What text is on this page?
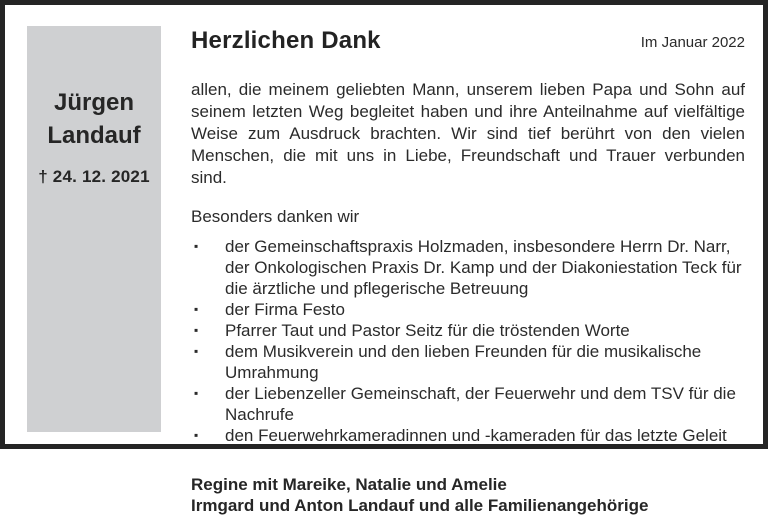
Jürgen
Landauf
† 24. 12. 2021
Herzlichen Dank	Im Januar 2022

allen, die meinem geliebten Mann, unserem lieben Papa und Sohn auf seinem letzten Weg begleitet haben und ihre Anteilnahme auf vielfältige Weise zum Ausdruck brachten. Wir sind tief berührt von den vielen Menschen, die mit uns in Liebe, Freundschaft und Trauer verbunden sind.

Besonders danken wir

▪	der Gemeinschaftspraxis Holzmaden, insbesondere Herrn Dr. Narr, der Onkologischen Praxis Dr. Kamp und der Diakoniestation Teck für die ärztliche und pflegerische Betreuung
▪	der Firma Festo
▪	Pfarrer Taut und Pastor Seitz für die tröstenden Worte
▪	dem Musikverein und den lieben Freunden für die musikalische Umrahmung
▪	der Liebenzeller Gemeinschaft, der Feuerwehr und dem TSV für die Nachrufe
▪	den Feuerwehrkameradinnen und -kameraden für das letzte Geleit
Regine mit Mareike, Natalie und Amelie
Irmgard und Anton Landauf und alle Familienangehörige
